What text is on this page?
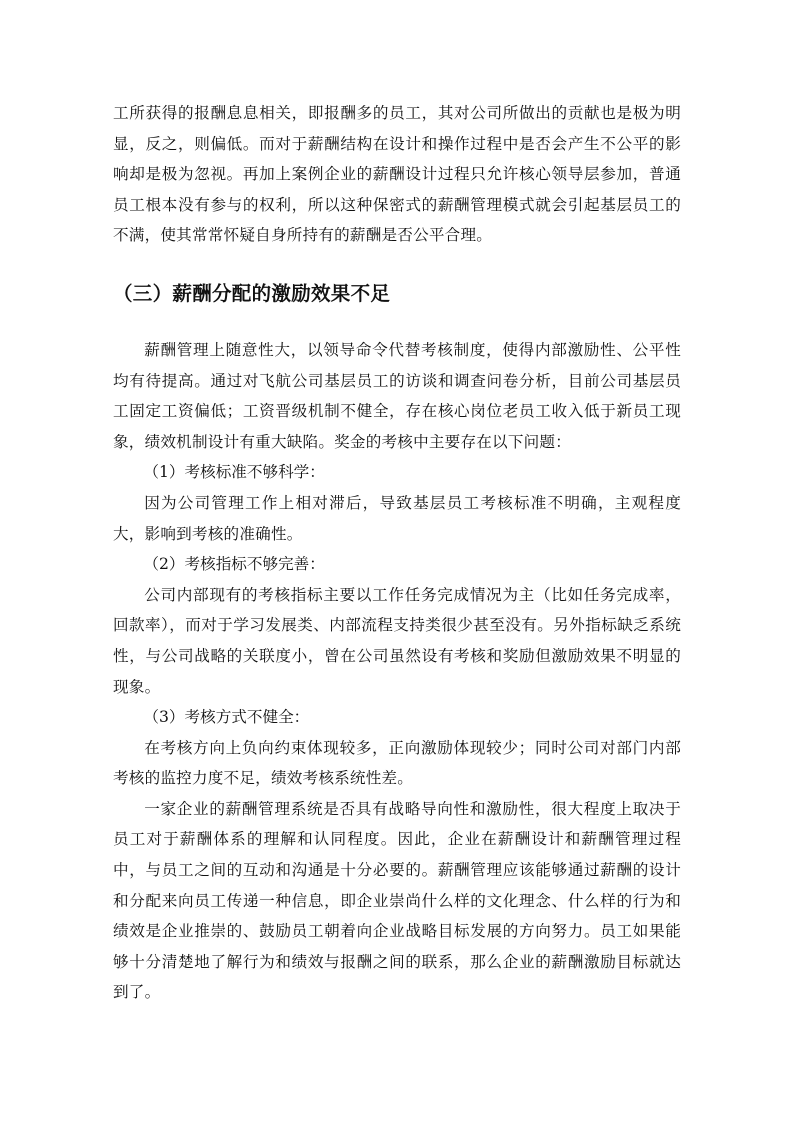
工所获得的报酬息息相关，即报酬多的员工，其对公司所做出的贡献也是极为明显，反之，则偏低。而对于薪酬结构在设计和操作过程中是否会产生不公平的影响却是极为忽视。再加上案例企业的薪酬设计过程只允许核心领导层参加，普通员工根本没有参与的权利，所以这种保密式的薪酬管理模式就会引起基层员工的不满，使其常常怀疑自身所持有的薪酬是否公平合理。

（三）薪酬分配的激励效果不足

薪酬管理上随意性大，以领导命令代替考核制度，使得内部激励性、公平性均有待提高。通过对飞航公司基层员工的访谈和调查问卷分析，目前公司基层员工固定工资偏低；工资晋级机制不健全，存在核心岗位老员工收入低于新员工现象，绩效机制设计有重大缺陷。奖金的考核中主要存在以下问题：

（1）考核标准不够科学：

因为公司管理工作上相对滞后，导致基层员工考核标准不明确，主观程度大，影响到考核的准确性。

（2）考核指标不够完善：

公司内部现有的考核指标主要以工作任务完成情况为主（比如任务完成率，回款率），而对于学习发展类、内部流程支持类很少甚至没有。另外指标缺乏系统性，与公司战略的关联度小，曾在公司虽然设有考核和奖励但激励效果不明显的现象。

（3）考核方式不健全：

在考核方向上负向约束体现较多，正向激励体现较少；同时公司对部门内部考核的监控力度不足，绩效考核系统性差。

一家企业的薪酬管理系统是否具有战略导向性和激励性，很大程度上取决于员工对于薪酬体系的理解和认同程度。因此，企业在薪酬设计和薪酬管理过程中，与员工之间的互动和沟通是十分必要的。薪酬管理应该能够通过薪酬的设计和分配来向员工传递一种信息，即企业崇尚什么样的文化理念、什么样的行为和绩效是企业推崇的、鼓励员工朝着向企业战略目标发展的方向努力。员工如果能够十分清楚地了解行为和绩效与报酬之间的联系，那么企业的薪酬激励目标就达到了。
